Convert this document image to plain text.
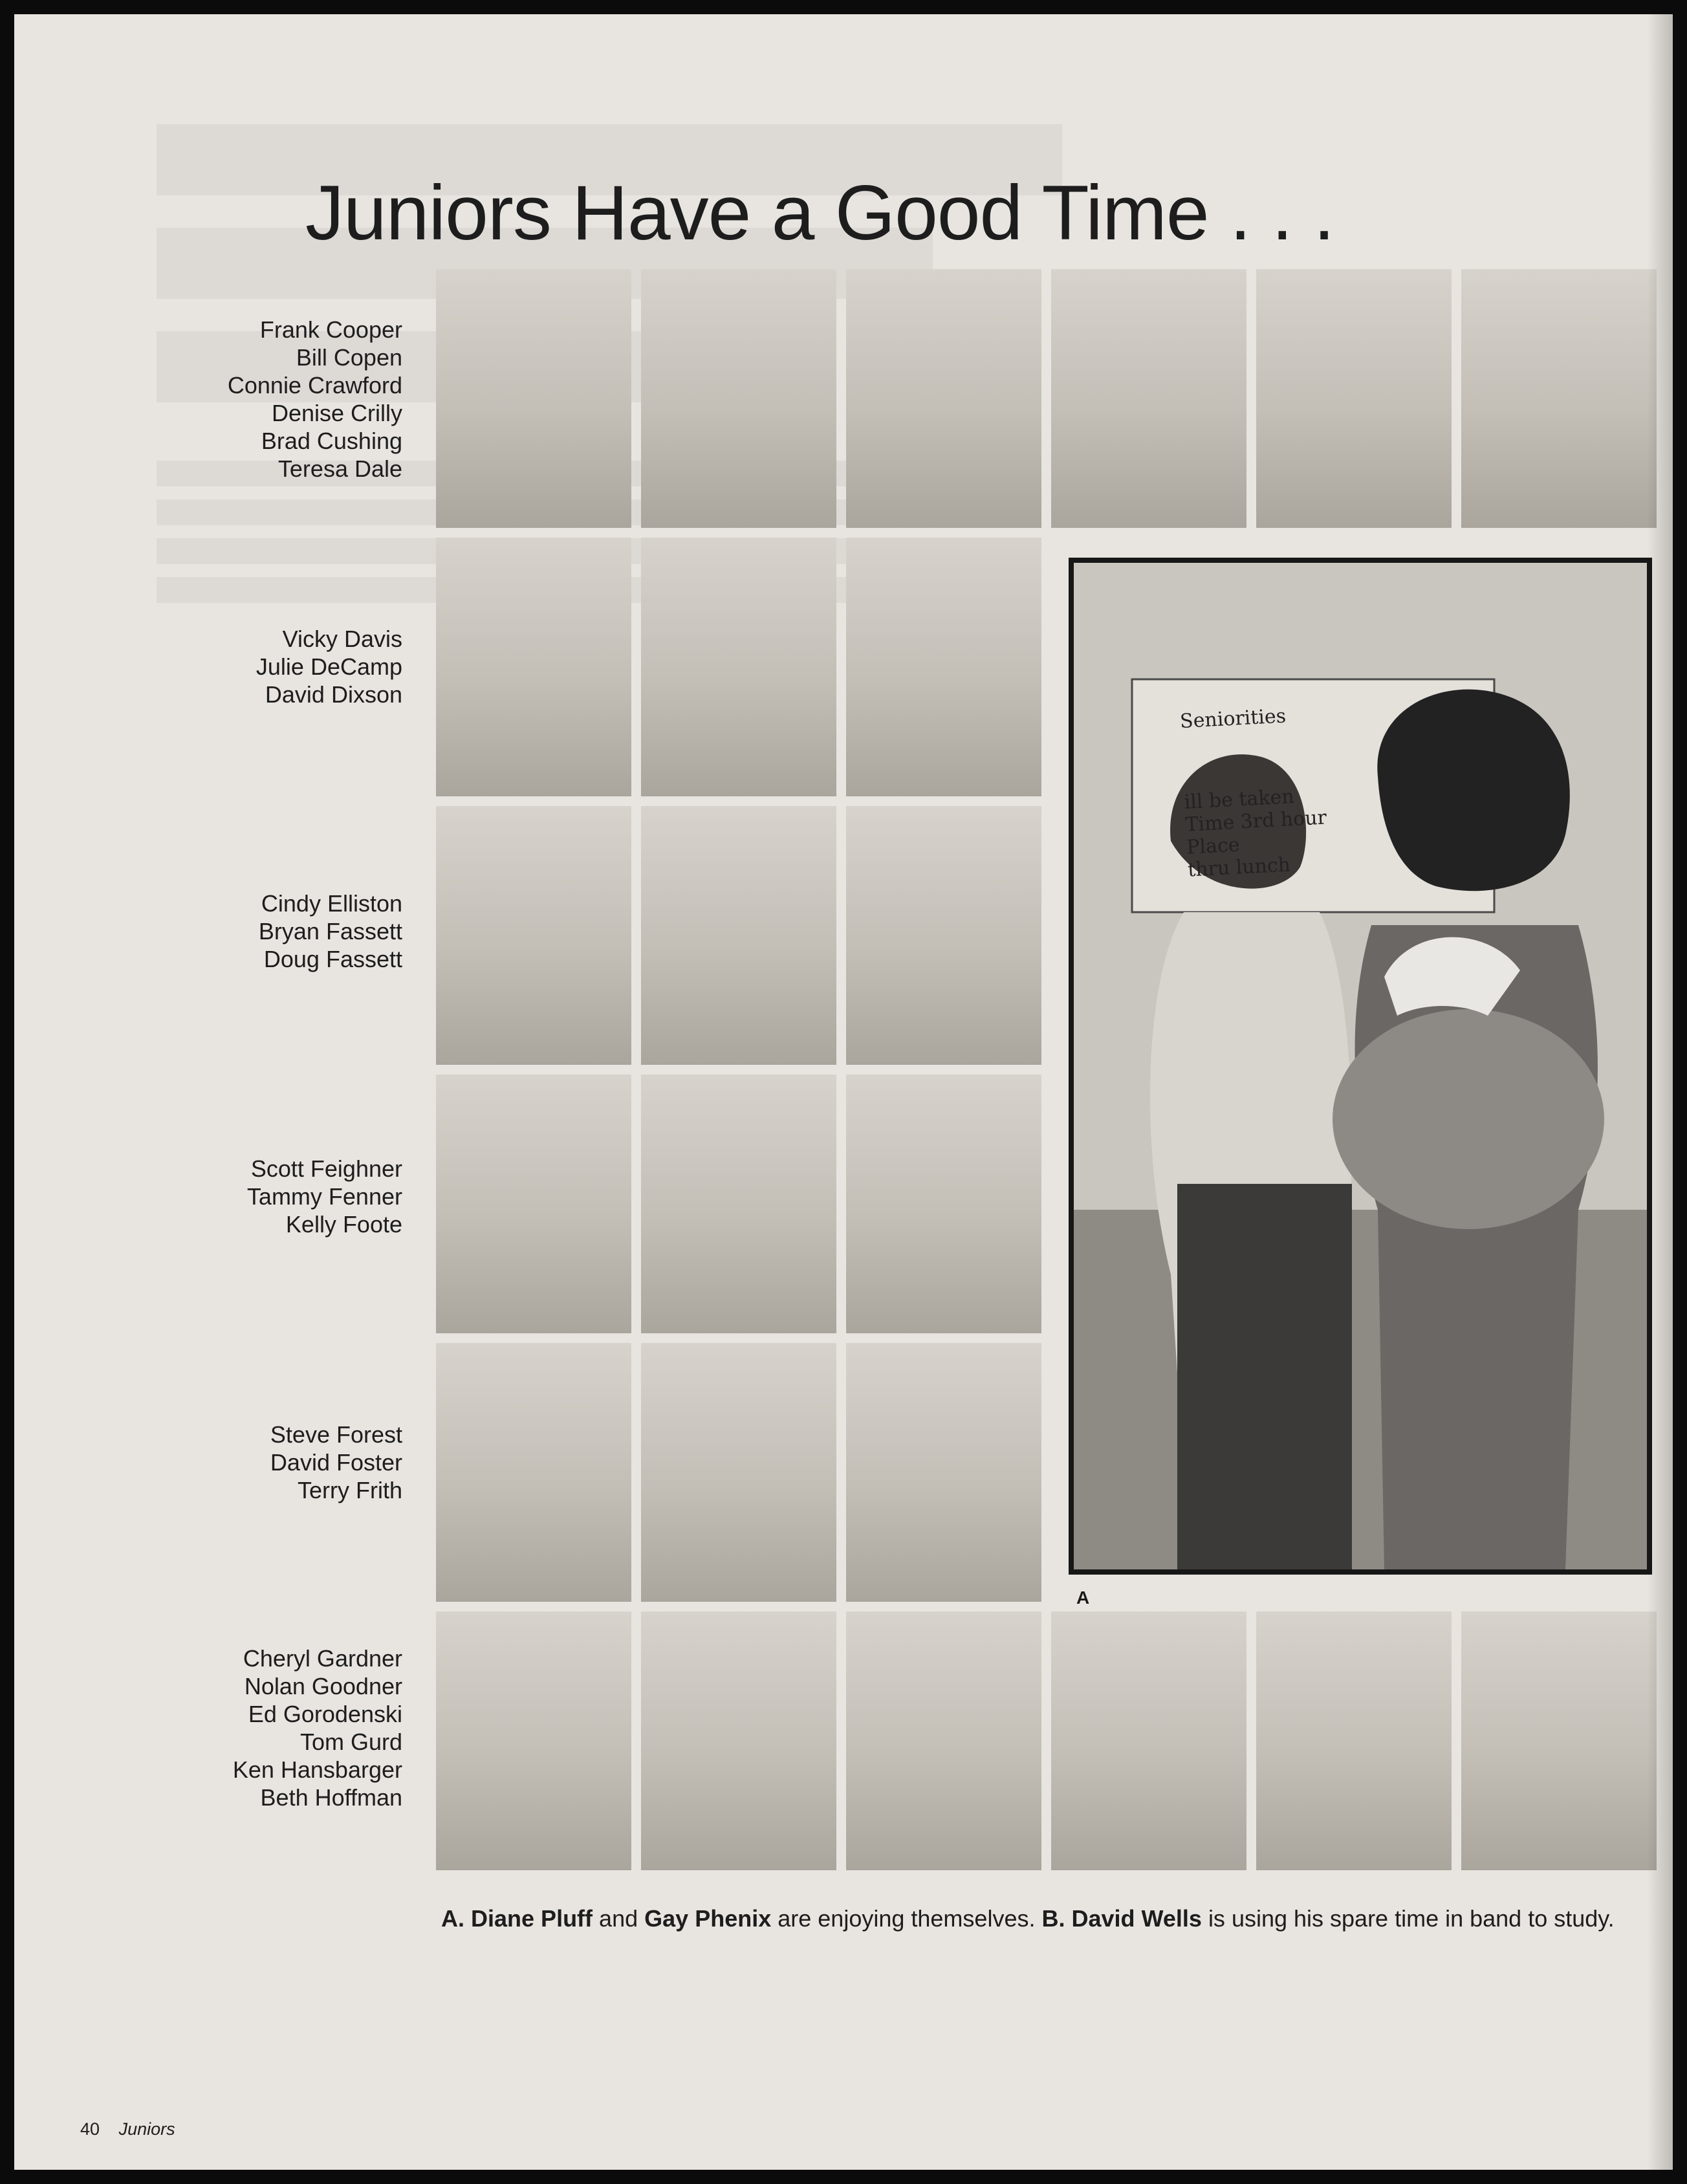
Juniors Have a Good Time . . .
Frank Cooper
Bill Copen
Connie Crawford
Denise Crilly
Brad Cushing
Teresa Dale
Vicky Davis
Julie DeCamp
David Dixson
Cindy Elliston
Bryan Fassett
Doug Fassett
Scott Feighner
Tammy Fenner
Kelly Foote
Steve Forest
David Foster
Terry Frith
Cheryl Gardner
Nolan Goodner
Ed Gorodenski
Tom Gurd
Ken Hansbarger
Beth Hoffman
Seniorities
ill be taken
Time 3rd hour Place
thru lunch
A

A. Diane Pluff and Gay Phenix are enjoying themselves. B. David Wells is using his spare time in band to study.

40 Juniors
